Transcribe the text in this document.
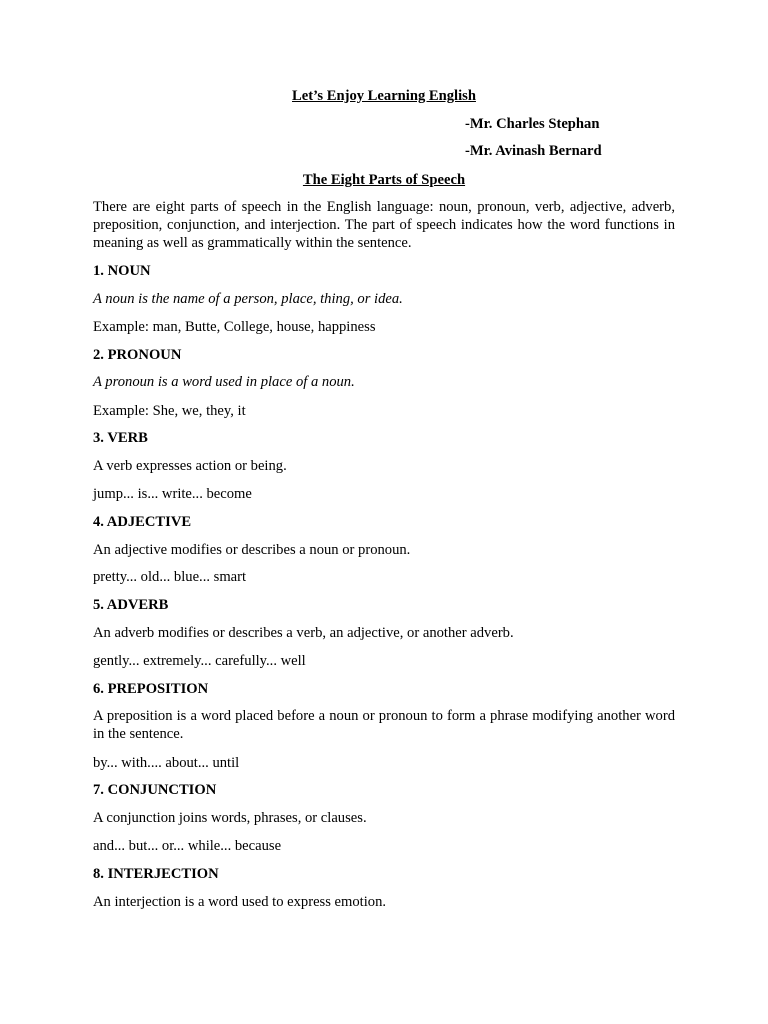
Let’s Enjoy Learning English
-Mr. Charles Stephan
-Mr. Avinash Bernard
The Eight Parts of Speech
There are eight parts of speech in the English language: noun, pronoun, verb, adjective, adverb, preposition, conjunction, and interjection. The part of speech indicates how the word functions in meaning as well as grammatically within the sentence.
1. NOUN
A noun is the name of a person, place, thing, or idea.
Example: man, Butte, College, house, happiness
2. PRONOUN
A pronoun is a word used in place of a noun.
Example: She, we, they, it
3. VERB
A verb expresses action or being.
jump... is... write... become
4. ADJECTIVE
An adjective modifies or describes a noun or pronoun.
pretty... old... blue... smart
5. ADVERB
An adverb modifies or describes a verb, an adjective, or another adverb.
gently... extremely... carefully... well
6. PREPOSITION
A preposition is a word placed before a noun or pronoun to form a phrase modifying another word in the sentence.
by... with.... about... until
7. CONJUNCTION
A conjunction joins words, phrases, or clauses.
and... but... or... while... because
8. INTERJECTION
An interjection is a word used to express emotion.
